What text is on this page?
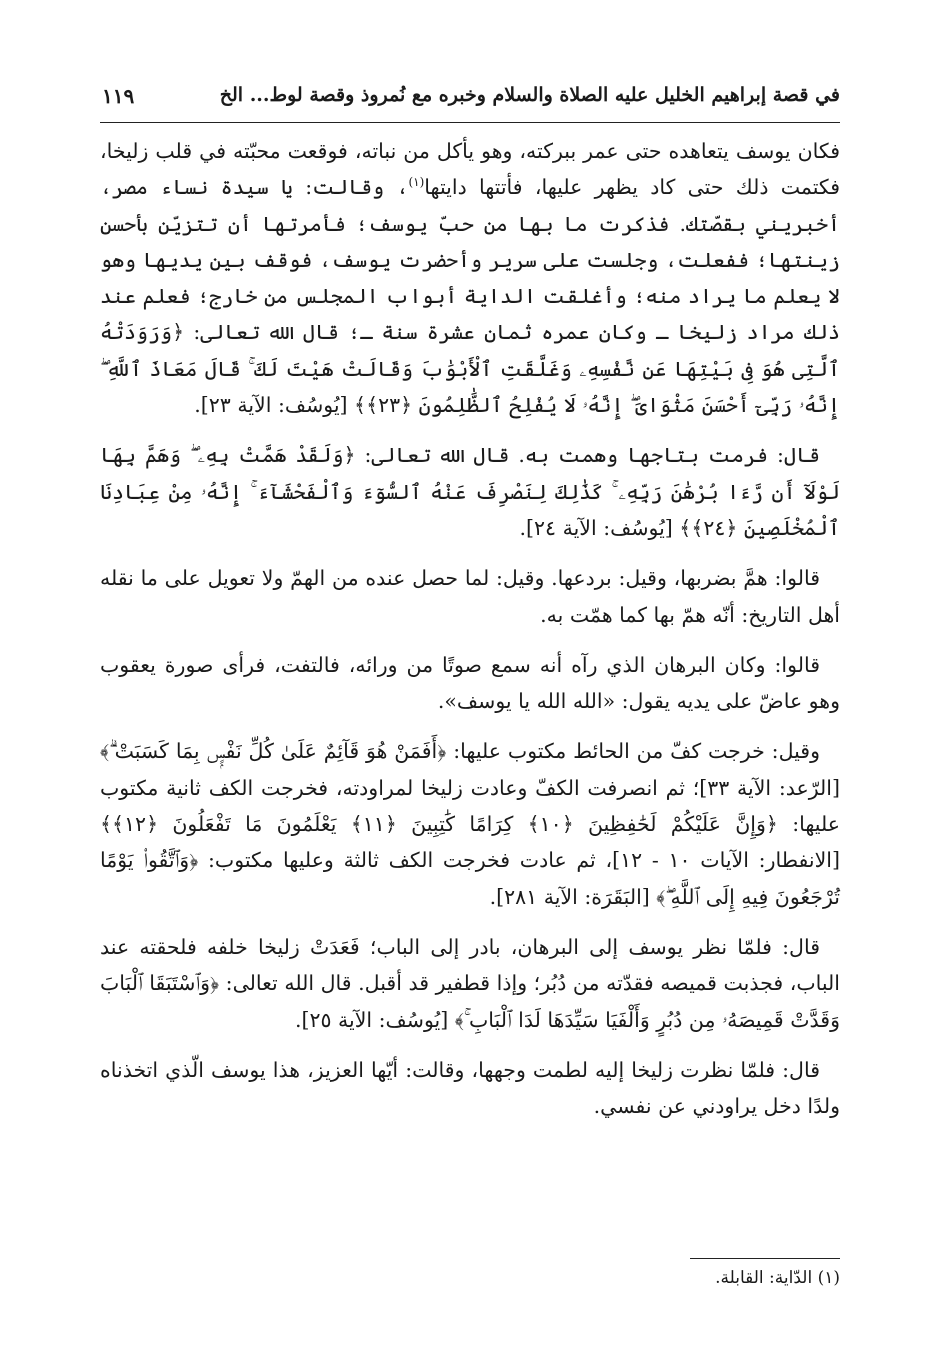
في قصة إبراهيم الخليل عليه الصلاة والسلام وخبره مع نُمروذ وقصة لوط... الخ
١١٩

فكان يوسف يتعاهده حتى عمر ببركته، وهو يأكل من نباته، فوقعت محبّته في قلب زليخا، فكتمت ذلك حتى كاد يظهر عليها، فأتتها دايتها$^{(١)}$، وقالت: يا سيدة نساء مصر، أخبريني بقصّتك. فذكرت ما بها من حبّ يوسف؛ فأمرتها أن تتزيّن بأحسن زينتها؛ ففعلت، وجلست على سرير وأحضرت يوسف، فوقف بين يديها وهو لا يعلم ما يراد منه؛ وأغلقت الداية أبواب المجلس من خارج؛ فعلم عند ذلك مراد زليخا ـ وكان عمره ثمان عشرة سنة ـ؛ قال الله تعالى: ﴿وَرَوَدَتْهُ ٱلَّتِى هُوَ فِى بَيْتِهَا عَن نَّفْسِهِۦ وَغَلَّقَتِ ٱلْأَبْوَٰبَ وَقَالَتْ هَيْتَ لَكَ ۚ قَالَ مَعَاذَ ٱللَّهِ ۖ إِنَّهُۥ رَبِّىٓ أَحْسَنَ مَثْوَاىَ ۖ إِنَّهُۥ لَا يُفْلِحُ ٱلظَّٰلِمُونَ ﴿٢٣﴾﴾ [يُوسُف: الآية ٢٣].

قال: فرمت بتاجها وهمت به. قال الله تعالى: ﴿وَلَقَدْ هَمَّتْ بِهِۦ ۖ وَهَمَّ بِهَا لَوْلَآ أَن رَّءَا بُرْهَٰنَ رَبِّهِۦ ۚ كَذَٰلِكَ لِنَصْرِفَ عَنْهُ ٱلسُّوٓءَ وَٱلْفَحْشَآءَ ۚ إِنَّهُۥ مِنْ عِبَادِنَا ٱلْمُخْلَصِينَ ﴿٢٤﴾﴾ [يُوسُف: الآية ٢٤].

قالوا: همَّ بضربها، وقيل: بردعها. وقيل: لما حصل عنده من الهمّ ولا تعويل على ما نقله أهل التاريخ: أنّه همّ بها كما همّت به.

قالوا: وكان البرهان الذي رآه أنه سمع صوتًا من ورائه، فالتفت، فرأى صورة يعقوب وهو عاضّ على يديه يقول: «الله الله يا يوسف».

وقيل: خرجت كفّ من الحائط مكتوب عليها: ﴿أَفَمَنْ هُوَ قَآئِمٌ عَلَىٰ كُلِّ نَفْسٍۭ بِمَا كَسَبَتْ ۗ﴾ [الرّعد: الآية ٣٣]؛ ثم انصرفت الكفّ وعادت زليخا لمراودته، فخرجت الكف ثانية مكتوب عليها: ﴿وَإِنَّ عَلَيْكُمْ لَحَٰفِظِينَ ﴿١٠﴾ كِرَامًا كَٰتِبِينَ ﴿١١﴾ يَعْلَمُونَ مَا تَفْعَلُونَ ﴿١٢﴾﴾ [الانفطار: الآيات ١٠ - ١٢]، ثم عادت فخرجت الكف ثالثة وعليها مكتوب: ﴿وَٱتَّقُوا۟ يَوْمًا تُرْجَعُونَ فِيهِ إِلَى ٱللَّهِ ۖ﴾ [البَقَرَة: الآية ٢٨١].

قال: فلمّا نظر يوسف إلى البرهان، بادر إلى الباب؛ فَعَدَتْ زليخا خلفه فلحقته عند الباب، فجذبت قميصه فقدّته من دُبُر؛ وإذا قطفير قد أقبل. قال الله تعالى: ﴿وَٱسْتَبَقَا ٱلْبَابَ وَقَدَّتْ قَمِيصَهُۥ مِن دُبُرٍ وَأَلْفَيَا سَيِّدَهَا لَدَا ٱلْبَابِ ۚ﴾ [يُوسُف: الآية ٢٥].

قال: فلمّا نظرت زليخا إليه لطمت وجهها، وقالت: أيّها العزيز، هذا يوسف الّذي اتخذناه ولدًا دخل يراودني عن نفسي.

(١) الدّاية: القابلة.
